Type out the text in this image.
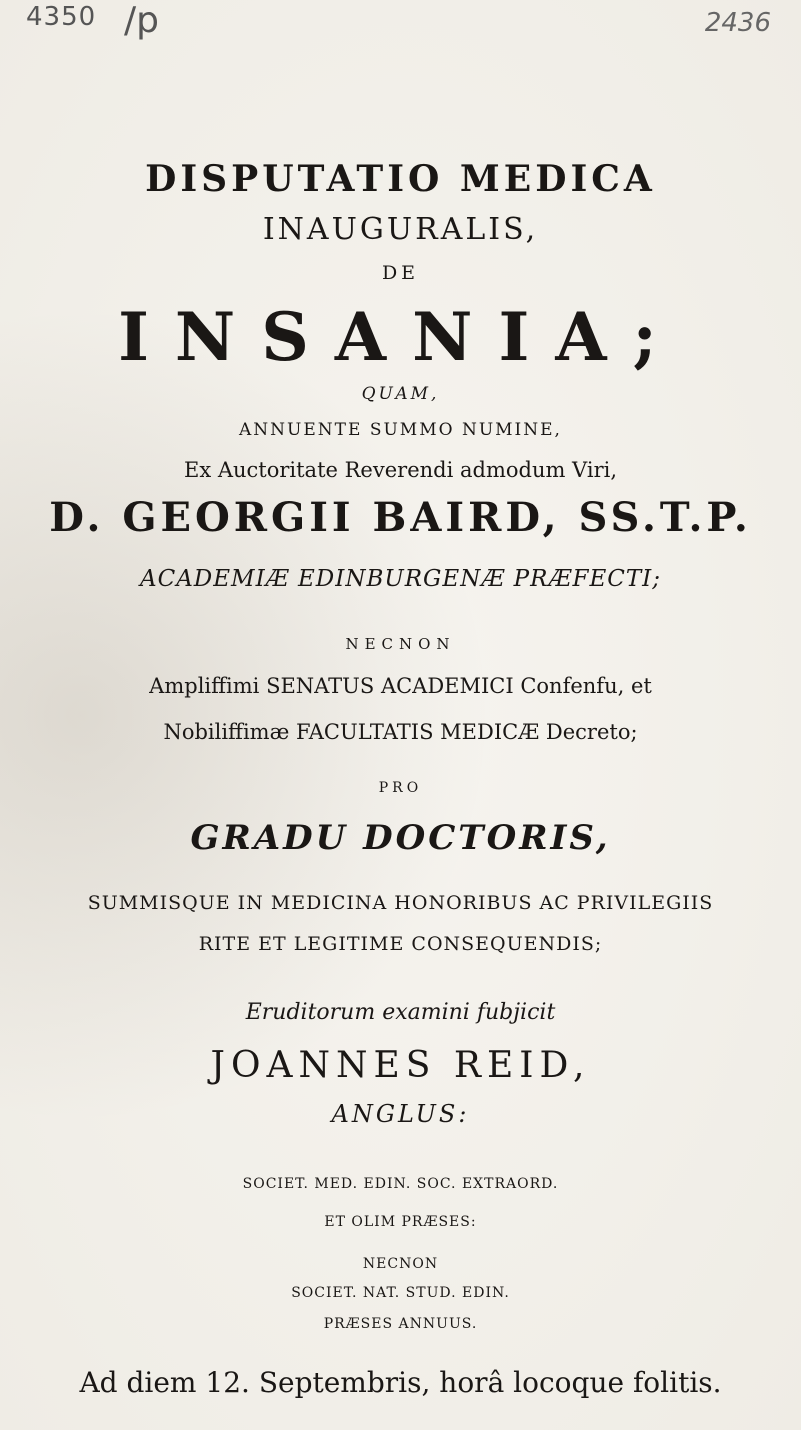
4350 /p	2436
DISPUTATIO MEDICA
INAUGURALIS,
DE
INSANIA;
QUAM,
ANNUENTE SUMMO NUMINE,
Ex Auctoritate Reverendi admodum Viri,
D. GEORGII BAIRD, SS.T.P.
ACADEMIÆ EDINBURGENÆ PRÆFECTI;
NECNON
Ampliffimi SENATUS ACADEMICI Confenfu, et
Nobiliffimæ FACULTATIS MEDICÆ Decreto;
PRO
GRADU DOCTORIS,
SUMMISQUE IN MEDICINA HONORIBUS AC PRIVILEGIIS
RITE ET LEGITIME CONSEQUENDIS;
Eruditorum examini fubjicit
JOANNES REID,
ANGLUS:
SOCIET. MED. EDIN. SOC. EXTRAORD.
ET OLIM PRÆSES:
NECNON
SOCIET. NAT. STUD. EDIN.
PRÆSES ANNUUS.
Ad diem 12. Septembris, horâ locoque folitis.
